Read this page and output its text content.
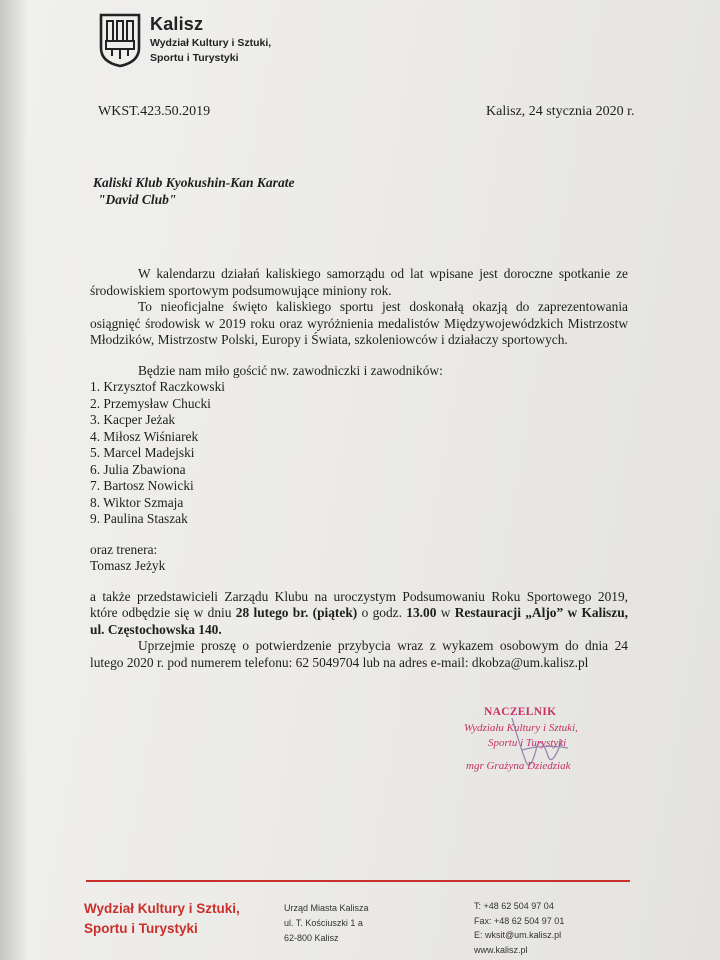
Kalisz
Wydział Kultury i Sztuki,
Sportu i Turystyki
WKST.423.50.2019	Kalisz, 24 stycznia 2020 r.
Kaliski Klub Kyokushin-Kan Karate
"David Club"

W kalendarzu działań kaliskiego samorządu od lat wpisane jest doroczne spotkanie ze środowiskiem sportowym podsumowujące miniony rok.

To nieoficjalne święto kaliskiego sportu jest doskonałą okazją do zaprezentowania osiągnięć środowisk w 2019 roku oraz wyróżnienia medalistów Międzywojewódzkich Mistrzostw Młodzików, Mistrzostw Polski, Europy i Świata, szkoleniowców i działaczy sportowych.

Będzie nam miło gościć nw. zawodniczki i zawodników:

1. Krzysztof Raczkowski
2. Przemysław Chucki
3. Kacper Jeżak
4. Miłosz Wiśniarek
5. Marcel Madejski
6. Julia Zbawiona
7. Bartosz Nowicki
8. Wiktor Szmaja
9. Paulina Staszak
oraz trenera:
Tomasz Jeżyk

a także przedstawicieli Zarządu Klubu na uroczystym Podsumowaniu Roku Sportowego 2019, które odbędzie się w dniu 28 lutego br. (piątek) o godz. 13.00 w Restauracji „Aljo” w Kaliszu, ul. Częstochowska 140.

Uprzejmie proszę o potwierdzenie przybycia wraz z wykazem osobowym do dnia 24 lutego 2020 r. pod numerem telefonu: 62 5049704 lub na adres e-mail: dkobza@um.kalisz.pl

NACZELNIK
Wydziału Kultury i Sztuki,
Sportu i Turystyki
mgr Grażyna Dziedziak
Wydział Kultury i Sztuki,
Sportu i Turystyki
Urząd Miasta Kalisza
ul. T. Kościuszki 1 a
62-800 Kalisz
T: +48 62 504 97 04
Fax: +48 62 504 97 01
E: wksit@um.kalisz.pl
www.kalisz.pl
